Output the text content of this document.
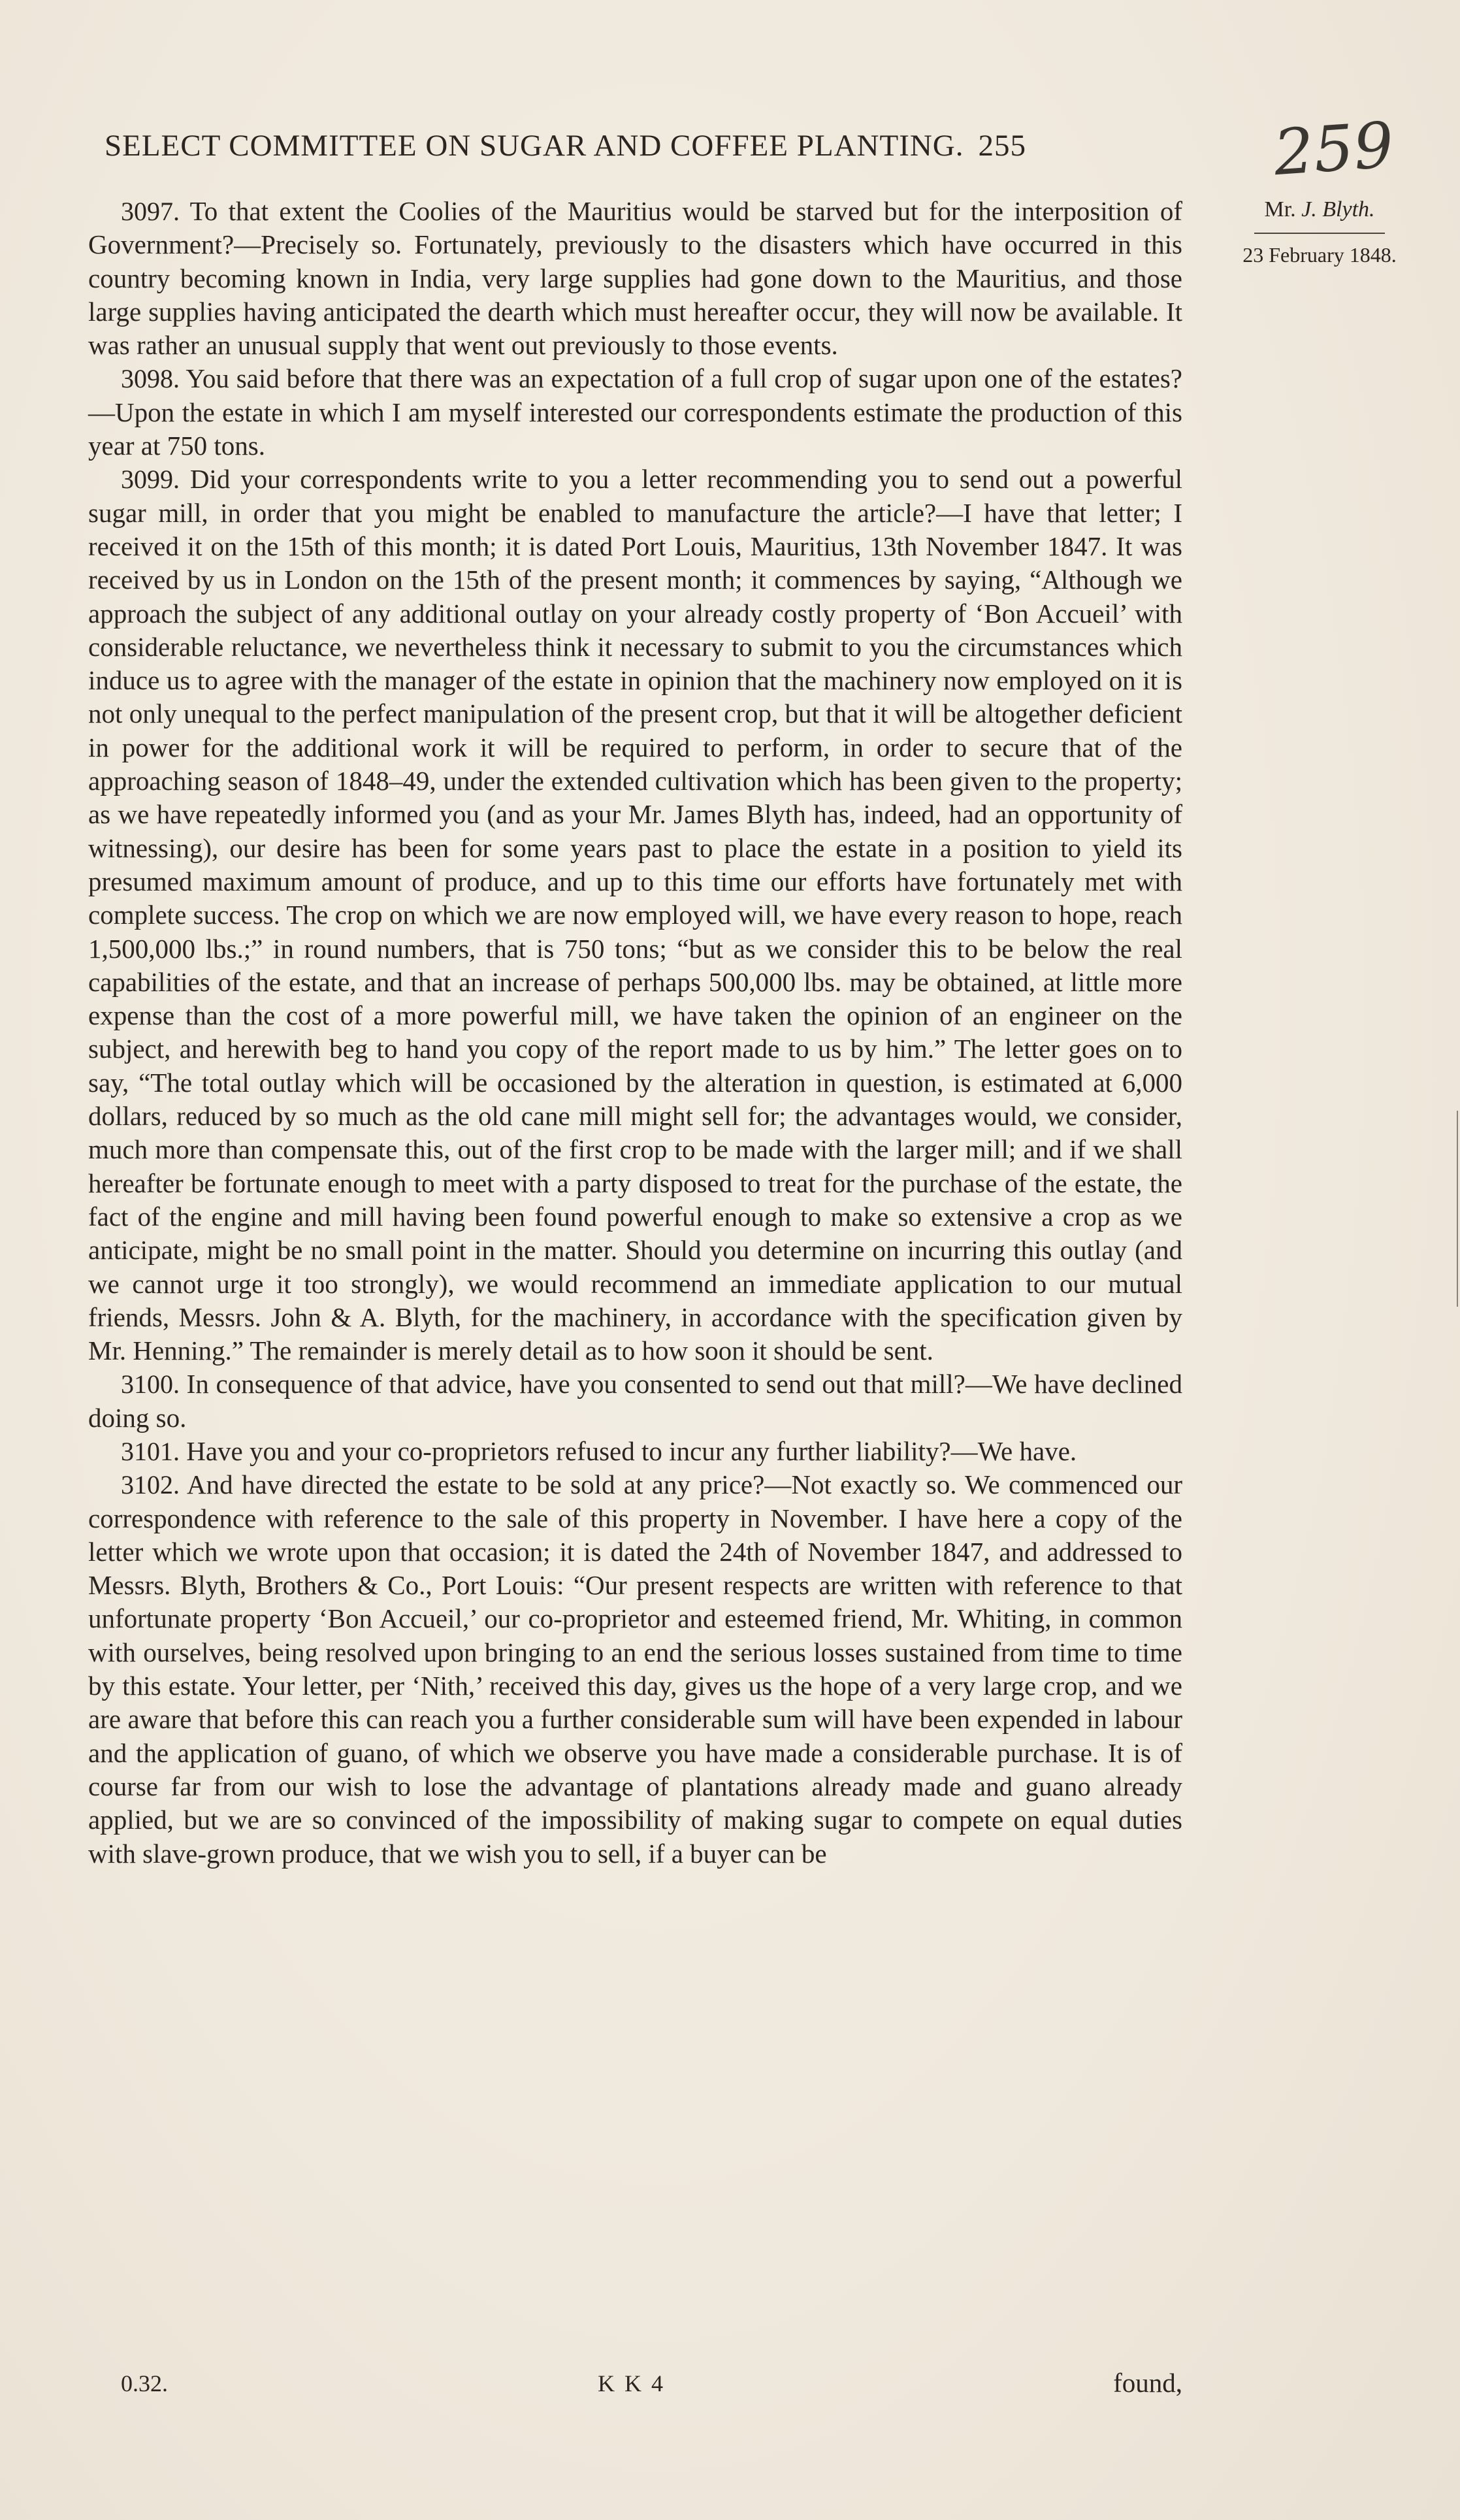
SELECT COMMITTEE ON SUGAR AND COFFEE PLANTING. 255	259
Mr. J. Blyth.
23 February 1848.

3097. To that extent the Coolies of the Mauritius would be starved but for the interposition of Government?—Precisely so. Fortunately, previously to the disasters which have occurred in this country becoming known in India, very large supplies had gone down to the Mauritius, and those large supplies having anticipated the dearth which must hereafter occur, they will now be available. It was rather an unusual supply that went out previously to those events.

3098. You said before that there was an expectation of a full crop of sugar upon one of the estates?—Upon the estate in which I am myself interested our correspondents estimate the production of this year at 750 tons.

3099. Did your correspondents write to you a letter recommending you to send out a powerful sugar mill, in order that you might be enabled to manufacture the article?—I have that letter; I received it on the 15th of this month; it is dated Port Louis, Mauritius, 13th November 1847. It was received by us in London on the 15th of the present month; it commences by saying, “Although we approach the subject of any additional outlay on your already costly property of ‘Bon Accueil’ with considerable reluctance, we nevertheless think it necessary to submit to you the circumstances which induce us to agree with the manager of the estate in opinion that the machinery now employed on it is not only unequal to the perfect manipulation of the present crop, but that it will be altogether deficient in power for the additional work it will be required to perform, in order to secure that of the approaching season of 1848–49, under the extended cultivation which has been given to the property; as we have repeatedly informed you (and as your Mr. James Blyth has, indeed, had an opportunity of witnessing), our desire has been for some years past to place the estate in a position to yield its presumed maximum amount of produce, and up to this time our efforts have fortunately met with complete success. The crop on which we are now employed will, we have every reason to hope, reach 1,500,000 lbs.;” in round numbers, that is 750 tons; “but as we consider this to be below the real capabilities of the estate, and that an increase of perhaps 500,000 lbs. may be obtained, at little more expense than the cost of a more powerful mill, we have taken the opinion of an engineer on the subject, and herewith beg to hand you copy of the report made to us by him.” The letter goes on to say, “The total outlay which will be occasioned by the alteration in question, is estimated at 6,000 dollars, reduced by so much as the old cane mill might sell for; the advantages would, we consider, much more than compensate this, out of the first crop to be made with the larger mill; and if we shall hereafter be fortunate enough to meet with a party disposed to treat for the purchase of the estate, the fact of the engine and mill having been found powerful enough to make so extensive a crop as we anticipate, might be no small point in the matter. Should you determine on incurring this outlay (and we cannot urge it too strongly), we would recommend an immediate application to our mutual friends, Messrs. John & A. Blyth, for the machinery, in accordance with the specification given by Mr. Henning.” The remainder is merely detail as to how soon it should be sent.

3100. In consequence of that advice, have you consented to send out that mill?—We have declined doing so.

3101. Have you and your co-proprietors refused to incur any further liability?—We have.

3102. And have directed the estate to be sold at any price?—Not exactly so. We commenced our correspondence with reference to the sale of this property in November. I have here a copy of the letter which we wrote upon that occasion; it is dated the 24th of November 1847, and addressed to Messrs. Blyth, Brothers & Co., Port Louis: “Our present respects are written with reference to that unfortunate property ‘Bon Accueil,’ our co-proprietor and esteemed friend, Mr. Whiting, in common with ourselves, being resolved upon bringing to an end the serious losses sustained from time to time by this estate. Your letter, per ‘Nith,’ received this day, gives us the hope of a very large crop, and we are aware that before this can reach you a further considerable sum will have been expended in labour and the application of guano, of which we observe you have made a considerable purchase. It is of course far from our wish to lose the advantage of plantations already made and guano already applied, but we are so convinced of the impossibility of making sugar to compete on equal duties with slave-grown produce, that we wish you to sell, if a buyer can be

0.32.	K K 4	found,
